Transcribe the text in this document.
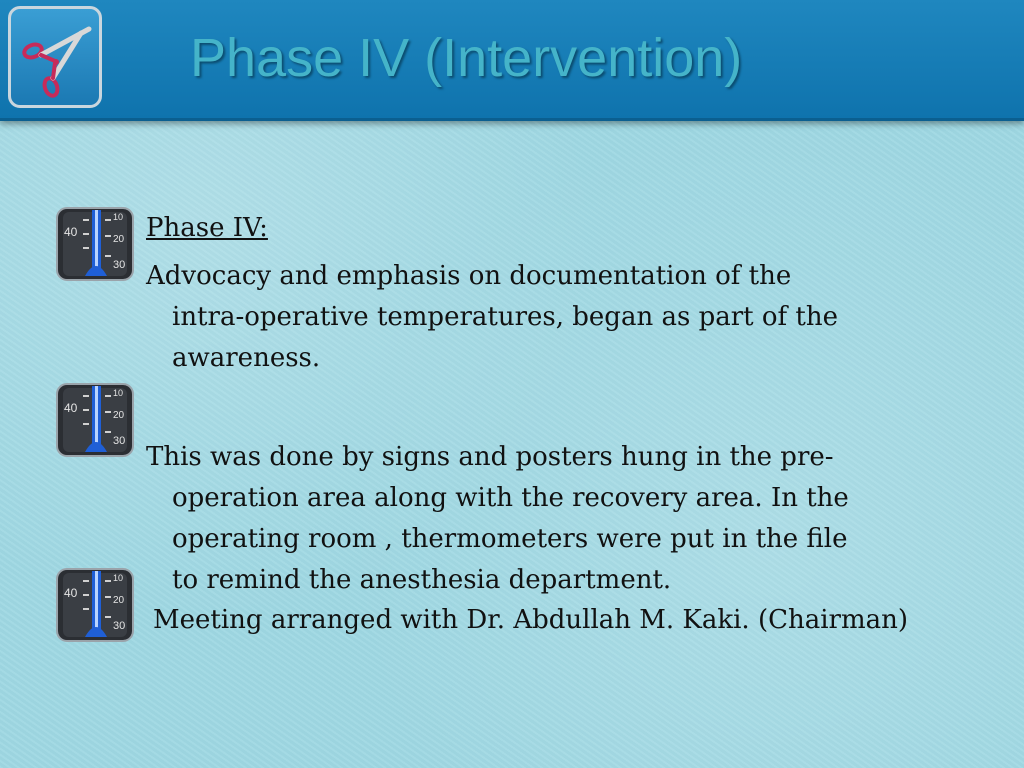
Phase IV (Intervention)
40
10
20
30
40
10
20
30
40
10
20
30
Phase IV:
Advocacy and emphasis on documentation of the
intra-operative temperatures, began as part of the
awareness.
This was done by signs and posters hung in the pre-
operation area along with the recovery area. In the
operating room , thermometers were put in the file
to remind the anesthesia department.
Meeting arranged with Dr. Abdullah M. Kaki. (Chairman)
